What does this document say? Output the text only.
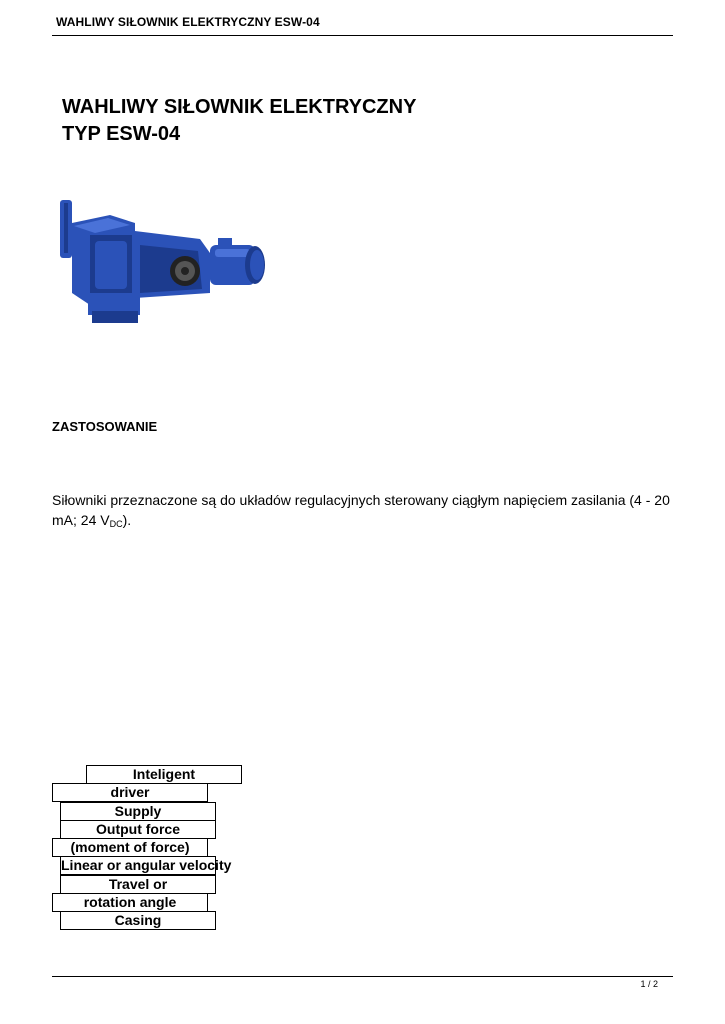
WAHLIWY SIŁOWNIK ELEKTRYCZNY ESW-04
WAHLIWY SIŁOWNIK ELEKTRYCZNY
TYP ESW-04
ZASTOSOWANIE

Siłowniki przeznaczone są do układów regulacyjnych sterowany ciągłym napięciem zasilania (4 - 20 mA; 24 $V_{DC}$).

Inteligent
driver
Supply
Output force
(moment of force)
Linear or angular velocity
Travel or
rotation angle
Casing
1 / 2
